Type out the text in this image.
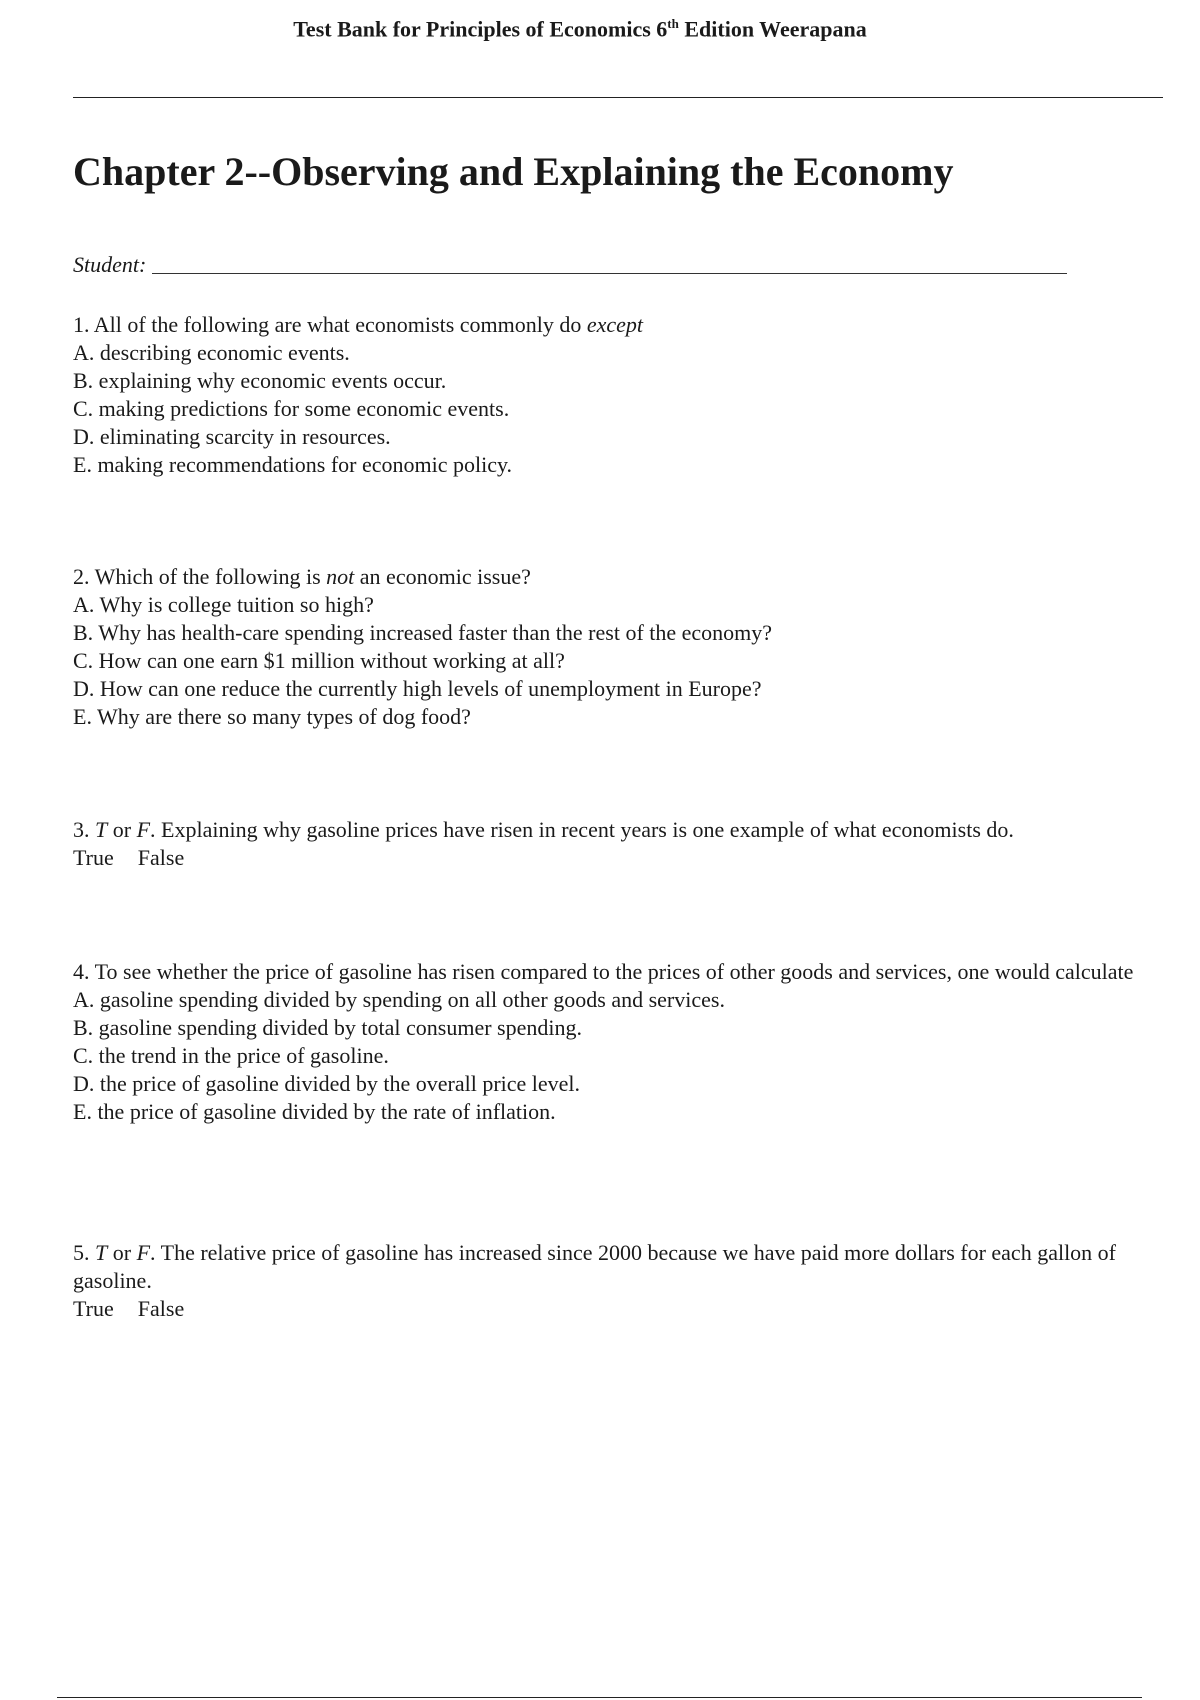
Test Bank for Principles of Economics 6th Edition Weerapana
Chapter 2--Observing and Explaining the Economy
Student:

1. All of the following are what economists commonly do except

A. describing economic events.
B. explaining why economic events occur.
C. making predictions for some economic events.
D. eliminating scarcity in resources.
E. making recommendations for economic policy.

2. Which of the following is not an economic issue?

A. Why is college tuition so high?
B. Why has health-care spending increased faster than the rest of the economy?
C. How can one earn $1 million without working at all?
D. How can one reduce the currently high levels of unemployment in Europe?
E. Why are there so many types of dog food?

3. T or F. Explaining why gasoline prices have risen in recent years is one example of what economists do.

True False

4. To see whether the price of gasoline has risen compared to the prices of other goods and services, one would calculate

A. gasoline spending divided by spending on all other goods and services.
B. gasoline spending divided by total consumer spending.
C. the trend in the price of gasoline.
D. the price of gasoline divided by the overall price level.
E. the price of gasoline divided by the rate of inflation.

5. T or F. The relative price of gasoline has increased since 2000 because we have paid more dollars for each gallon of gasoline.

True False
